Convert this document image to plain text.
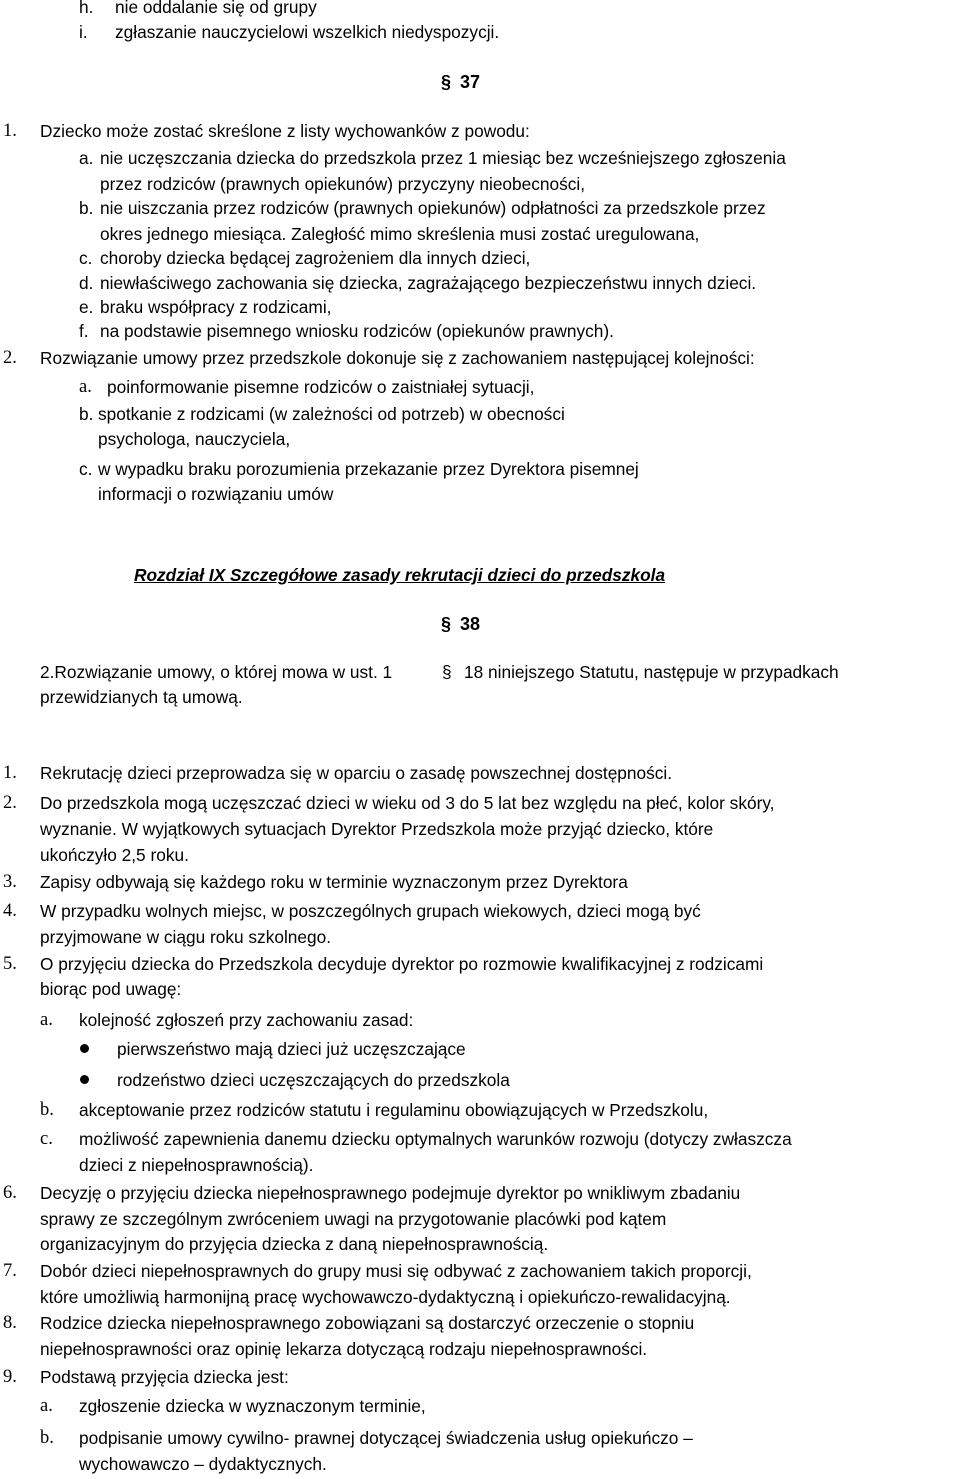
h. nie oddalanie się od grupy
i. zgłaszanie nauczycielowi wszelkich niedyspozycji.
§ 37
1. Dziecko może zostać skreślone z listy wychowanków z powodu:
a. nie uczęszczania dziecka do przedszkola przez 1 miesiąc bez wcześniejszego zgłoszenia
przez rodziców (prawnych opiekunów) przyczyny nieobecności,
b. nie uiszczania przez rodziców (prawnych opiekunów) odpłatności za przedszkole przez
okres jednego miesiąca. Zaległość mimo skreślenia musi zostać uregulowana,
c. choroby dziecka będącej zagrożeniem dla innych dzieci,
d. niewłaściwego zachowania się dziecka, zagrażającego bezpieczeństwu innych dzieci.
e. braku współpracy z rodzicami,
f. na podstawie pisemnego wniosku rodziców (opiekunów prawnych).
2. Rozwiązanie umowy przez przedszkole dokonuje się z zachowaniem następującej kolejności:
a. poinformowanie pisemne rodziców o zaistniałej sytuacji,
b. spotkanie z rodzicami (w zależności od potrzeb) w obecności
psychologa, nauczyciela,
c. w wypadku braku porozumienia przekazanie przez Dyrektora pisemnej
informacji o rozwiązaniu umów
Rozdział IX Szczegółowe zasady rekrutacji dzieci do przedszkola
§ 38
2.Rozwiązanie umowy, o której mowa w ust. 1	§ 18 niniejszego Statutu, następuje w przypadkach
przewidzianych tą umową.
1. Rekrutację dzieci przeprowadza się w oparciu o zasadę powszechnej dostępności.
2. Do przedszkola mogą uczęszczać dzieci w wieku od 3 do 5 lat bez względu na płeć, kolor skóry,
wyznanie. W wyjątkowych sytuacjach Dyrektor Przedszkola może przyjąć dziecko, które
ukończyło 2,5 roku.
3. Zapisy odbywają się każdego roku w terminie wyznaczonym przez Dyrektora
4. W przypadku wolnych miejsc, w poszczególnych grupach wiekowych, dzieci mogą być
przyjmowane w ciągu roku szkolnego.
5. O przyjęciu dziecka do Przedszkola decyduje dyrektor po rozmowie kwalifikacyjnej z rodzicami
biorąc pod uwagę:
a. kolejność zgłoszeń przy zachowaniu zasad:
pierwszeństwo mają dzieci już uczęszczające
rodzeństwo dzieci uczęszczających do przedszkola
b. akceptowanie przez rodziców statutu i regulaminu obowiązujących w Przedszkolu,
c. możliwość zapewnienia danemu dziecku optymalnych warunków rozwoju (dotyczy zwłaszcza
dzieci z niepełnosprawnością).
6. Decyzję o przyjęciu dziecka niepełnosprawnego podejmuje dyrektor po wnikliwym zbadaniu
sprawy ze szczególnym zwróceniem uwagi na przygotowanie placówki pod kątem
organizacyjnym do przyjęcia dziecka z daną niepełnosprawnością.
7. Dobór dzieci niepełnosprawnych do grupy musi się odbywać z zachowaniem takich proporcji,
które umożliwią harmonijną pracę wychowawczo-dydaktyczną i opiekuńczo-rewalidacyjną.
8. Rodzice dziecka niepełnosprawnego zobowiązani są dostarczyć orzeczenie o stopniu
niepełnosprawności oraz opinię lekarza dotyczącą rodzaju niepełnosprawności.
9. Podstawą przyjęcia dziecka jest:
a. zgłoszenie dziecka w wyznaczonym terminie,
b. podpisanie umowy cywilno- prawnej dotyczącej świadczenia usług opiekuńczo –
wychowawczo – dydaktycznych.
